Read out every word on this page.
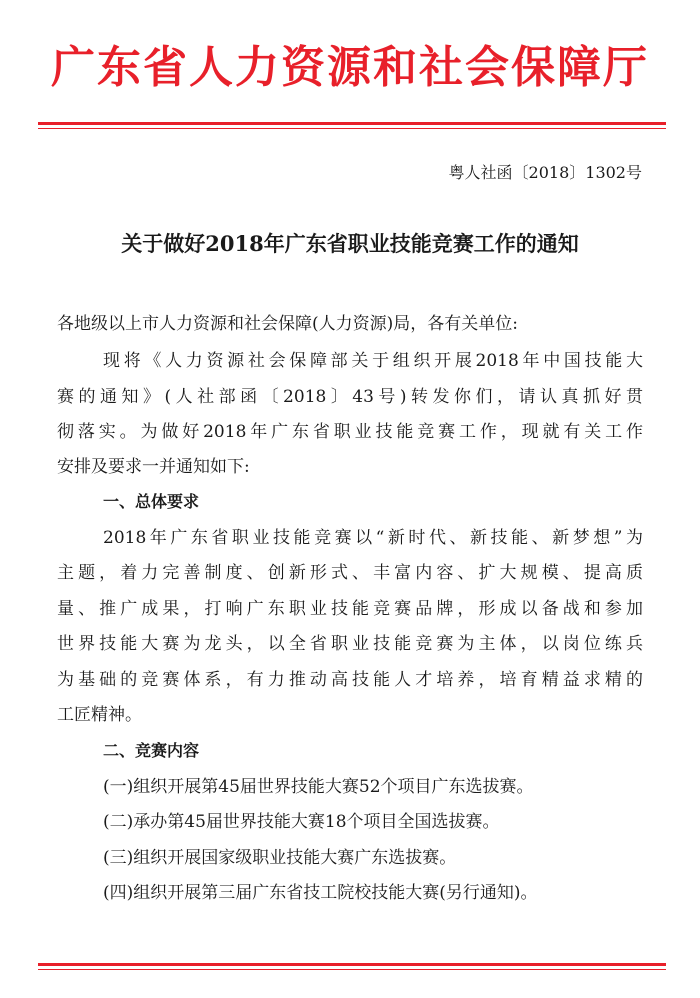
广东省人力资源和社会保障厅
粤人社函〔2018〕1302号
关于做好2018年广东省职业技能竞赛工作的通知
各地级以上市人力资源和社会保障(人力资源)局，各有关单位:
现将《人力资源社会保障部关于组织开展2018年中国技能大
赛的通知》(人社部函〔2018〕43号)转发你们，请认真抓好贯
彻落实。为做好2018年广东省职业技能竞赛工作，现就有关工作
安排及要求一并通知如下:
一、总体要求
2018年广东省职业技能竞赛以“新时代、新技能、新梦想”为
主题，着力完善制度、创新形式、丰富内容、扩大规模、提高质
量、推广成果，打响广东职业技能竞赛品牌，形成以备战和参加
世界技能大赛为龙头，以全省职业技能竞赛为主体，以岗位练兵
为基础的竞赛体系，有力推动高技能人才培养，培育精益求精的
工匠精神。
二、竞赛内容
(一)组织开展第45届世界技能大赛52个项目广东选拔赛。
(二)承办第45届世界技能大赛18个项目全国选拔赛。
(三)组织开展国家级职业技能大赛广东选拔赛。
(四)组织开展第三届广东省技工院校技能大赛(另行通知)。
